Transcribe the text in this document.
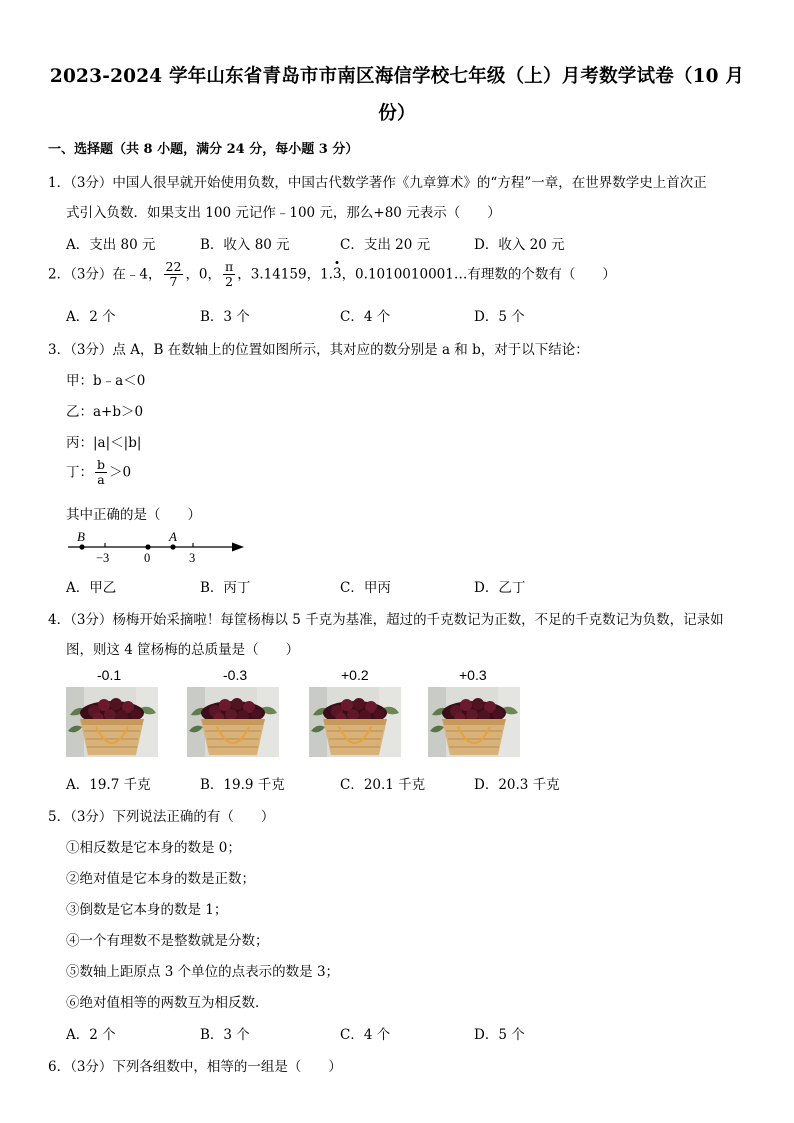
2023-2024 学年山东省青岛市市南区海信学校七年级（上）月考数学试卷（10 月
份）
一、选择题（共 8 小题，满分 24 分，每小题 3 分）
1．（3分）中国人很早就开始使用负数，中国古代数学著作《九章算术》的“方程”一章，在世界数学史上首次正
式引入负数．如果支出 100 元记作﹣100 元，那么+80 元表示（　　）
A．支出 80 元	B．收入 80 元	C．支出 20 元	D．收入 20 元
2．（3分）在﹣4， $\frac{22}{7}$ ，0， $\frac{\pi}{2}$ ，3.14159，1.3，0.1010010001…有理数的个数有（　　）
A．2 个	B．3 个	C．4 个	D．5 个
3．（3分）点 A，B 在数轴上的位置如图所示，其对应的数分别是 a 和 b，对于以下结论：
甲：b﹣a＜0
乙：a+b＞0
丙：|a|＜|b|
丁： $\frac{b}{a} >0$
其中正确的是（　　）
B	A
−3	0	3
A．甲乙	B．丙丁	C．甲丙	D．乙丁
4．（3分）杨梅开始采摘啦！每筐杨梅以 5 千克为基准，超过的千克数记为正数，不足的千克数记为负数，记录如
图，则这 4 筐杨梅的总质量是（　　）
-0.1	-0.3	+0.2	+0.3
A．19.7 千克	B．19.9 千克	C．20.1 千克	D．20.3 千克
5．（3分）下列说法正确的有（　　）
①相反数是它本身的数是 0；
②绝对值是它本身的数是正数；
③倒数是它本身的数是 1；
④一个有理数不是整数就是分数；
⑤数轴上距原点 3 个单位的点表示的数是 3；
⑥绝对值相等的两数互为相反数．
A．2 个	B．3 个	C．4 个	D．5 个
6．（3分）下列各组数中，相等的一组是（　　）
